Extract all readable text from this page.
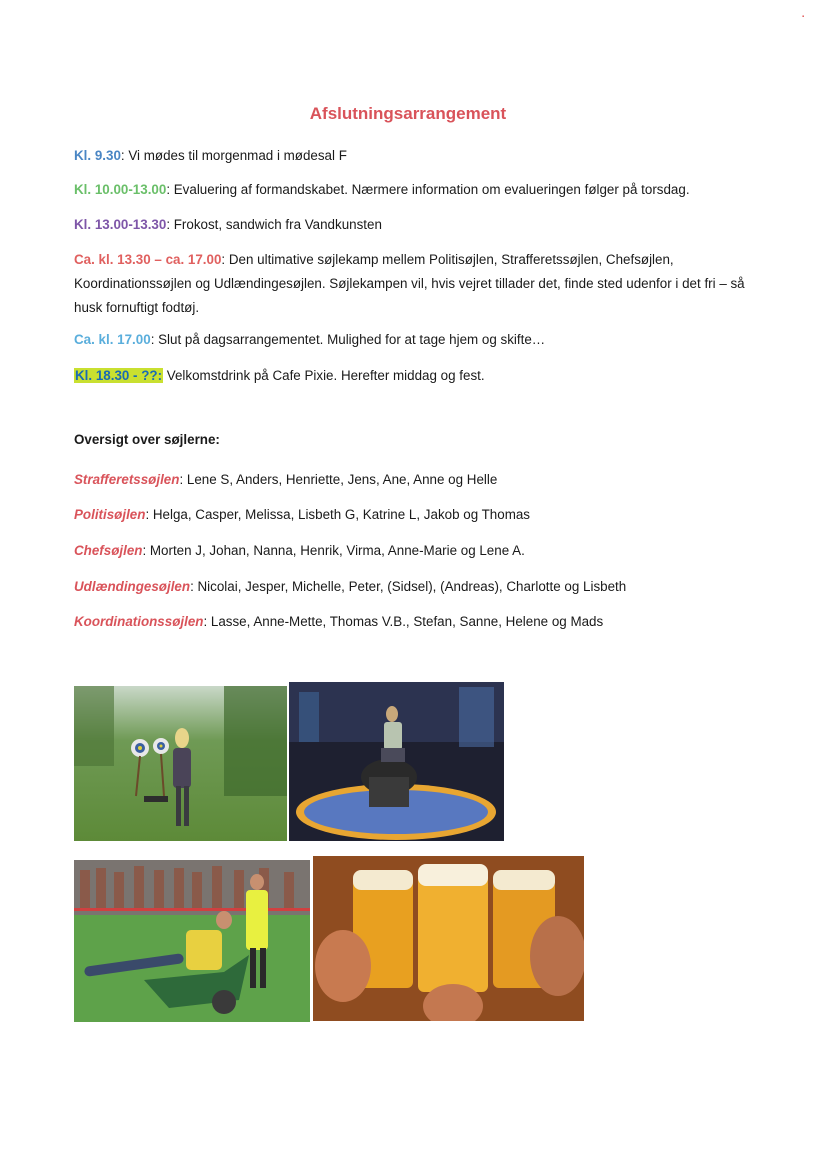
▪
Afslutningsarrangement
Kl. 9.30: Vi mødes til morgenmad i mødesal F
Kl. 10.00-13.00: Evaluering af formandskabet. Nærmere information om evalueringen følger på torsdag.
Kl. 13.00-13.30: Frokost, sandwich fra Vandkunsten
Ca. kl. 13.30 – ca. 17.00: Den ultimative søjlekamp mellem Politisøjlen, Strafferetssøjlen, Chefsøjlen, Koordinationssøjlen og Udlændingesøjlen. Søjlekampen vil, hvis vejret tillader det, finde sted udenfor i det fri – så husk fornuftigt fodtøj.
Ca. kl. 17.00: Slut på dagsarrangementet. Mulighed for at tage hjem og skifte…
Kl. 18.30 - ??: Velkomstdrink på Cafe Pixie. Herefter middag og fest.
Oversigt over søjlerne:
Strafferetssøjlen: Lene S, Anders, Henriette, Jens, Ane, Anne og Helle
Politisøjlen: Helga, Casper, Melissa, Lisbeth G, Katrine L, Jakob og Thomas
Chefsøjlen: Morten J, Johan, Nanna, Henrik, Virma, Anne-Marie og Lene A.
Udlændingesøjlen: Nicolai, Jesper, Michelle, Peter, (Sidsel), (Andreas), Charlotte og Lisbeth
Koordinationssøjlen: Lasse, Anne-Mette, Thomas V.B., Stefan, Sanne, Helene og Mads
